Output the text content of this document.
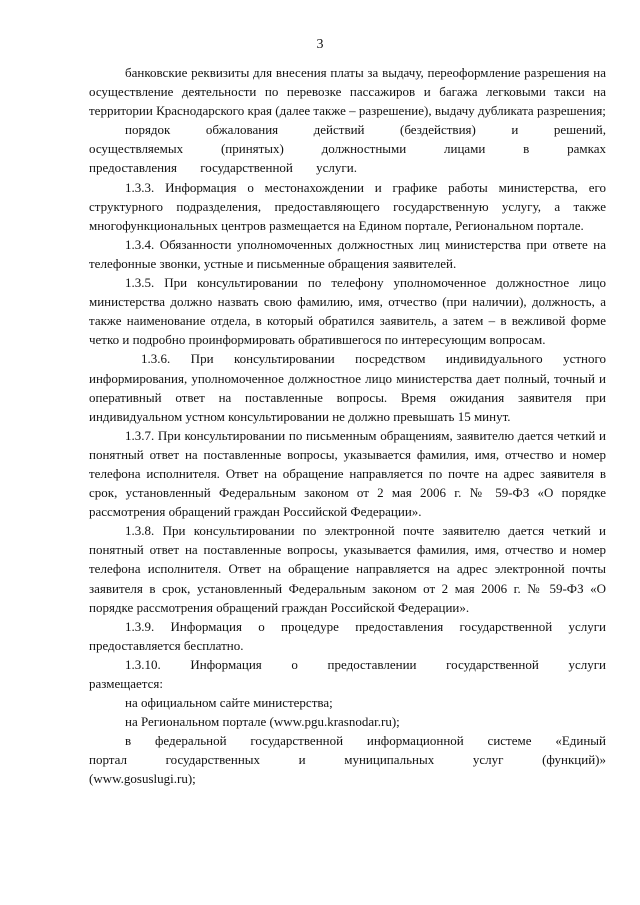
3

банковские реквизиты для внесения платы за выдачу, переоформление разрешения на осуществление деятельности по перевозке пассажиров и багажа легковыми такси на территории Краснодарского края (далее также – разрешение), выдачу дубликата разрешения;

порядок обжалования действий (бездействия) и решений, осуществляемых (принятых) должностными лицами в рамках предоставления государственной услуги.

1.3.3. Информация о местонахождении и графике работы министерства, его структурного подразделения, предоставляющего государственную услугу, а также многофункциональных центров размещается на Едином портале, Региональном портале.

1.3.4. Обязанности уполномоченных должностных лиц министерства при ответе на телефонные звонки, устные и письменные обращения заявителей.

1.3.5. При консультировании по телефону уполномоченное должностное лицо министерства должно назвать свою фамилию, имя, отчество (при наличии), должность, а также наименование отдела, в который обратился заявитель, а затем – в вежливой форме четко и подробно проинформировать обратившегося по интересующим вопросам.

1.3.6. При консультировании посредством индивидуального устного информирования, уполномоченное должностное лицо министерства дает полный, точный и оперативный ответ на поставленные вопросы. Время ожидания заявителя при индивидуальном устном консультировании не должно превышать 15 минут.

1.3.7. При консультировании по письменным обращениям, заявителю дается четкий и понятный ответ на поставленные вопросы, указывается фамилия, имя, отчество и номер телефона исполнителя. Ответ на обращение направляется по почте на адрес заявителя в срок, установленный Федеральным законом от 2 мая 2006 г. № 59-ФЗ «О порядке рассмотрения обращений граждан Российской Федерации».

1.3.8. При консультировании по электронной почте заявителю дается четкий и понятный ответ на поставленные вопросы, указывается фамилия, имя, отчество и номер телефона исполнителя. Ответ на обращение направляется на адрес электронной почты заявителя в срок, установленный Федеральным законом от 2 мая 2006 г. № 59-ФЗ «О порядке рассмотрения обращений граждан Российской Федерации».

1.3.9. Информация о процедуре предоставления государственной услуги предоставляется бесплатно.

1.3.10. Информация о предоставлении государственной услуги размещается:

на официальном сайте министерства;

на Региональном портале (www.pgu.krasnodar.ru);

в федеральной государственной информационной системе «Единый портал государственных и муниципальных услуг (функций)» (www.gosuslugi.ru);
